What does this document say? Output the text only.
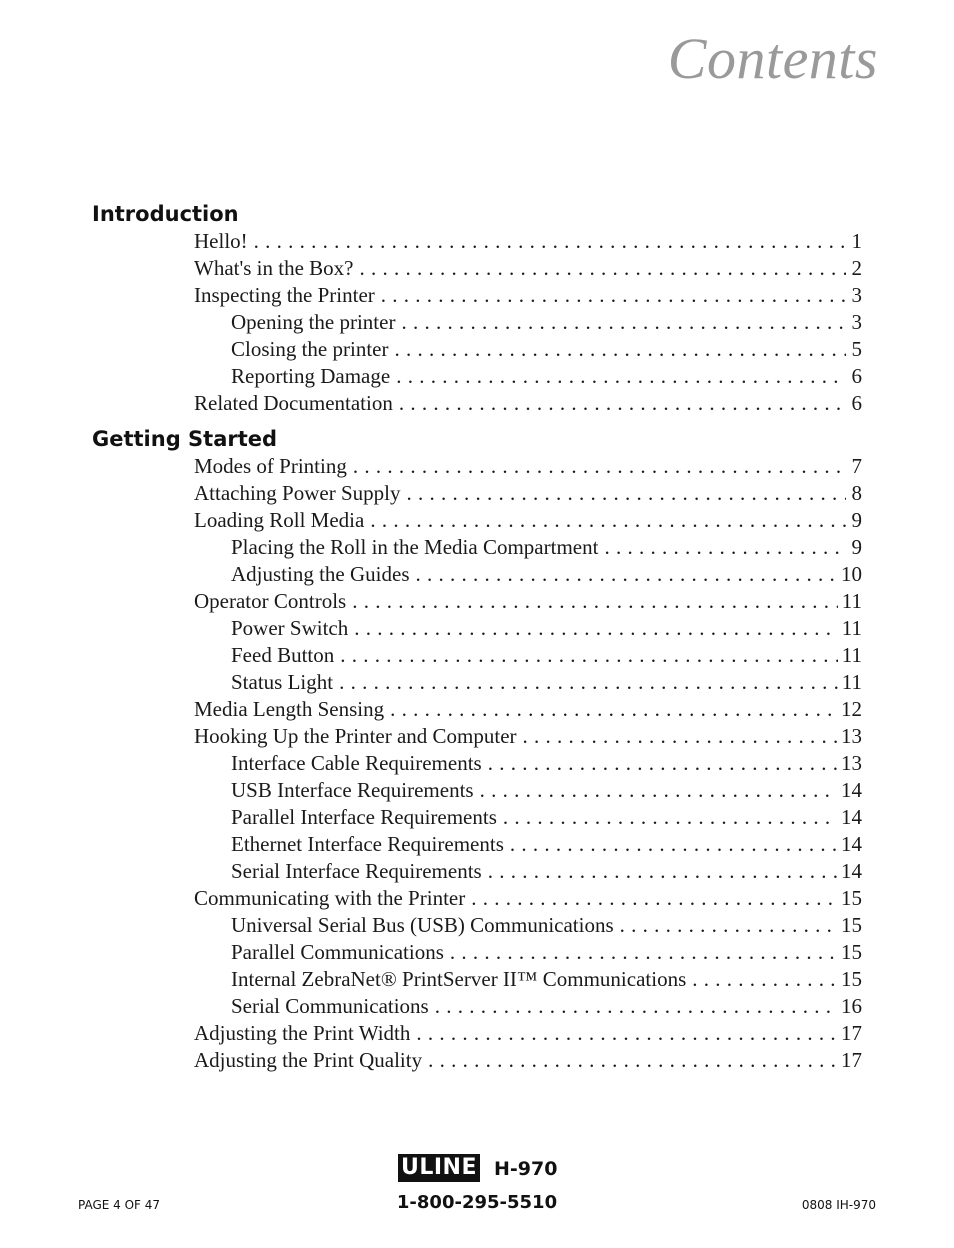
Contents
Introduction
Hello! . . .	1
What's in the Box? . . .	2
Inspecting the Printer . . .	3
Opening the printer . . .	3
Closing the printer . . .	5
Reporting Damage . . .	6
Related Documentation . . .	6
Getting Started
Modes of Printing . . .	7
Attaching Power Supply . . .	8
Loading Roll Media . . .	9
Placing the Roll in the Media Compartment . . .	9
Adjusting the Guides . . .	10
Operator Controls . . .	11
Power Switch . . .	11
Feed Button . . .	11
Status Light . . .	11
Media Length Sensing . . .	12
Hooking Up the Printer and Computer . . .	13
Interface Cable Requirements . . .	13
USB Interface Requirements . . .	14
Parallel Interface Requirements . . .	14
Ethernet Interface Requirements . . .	14
Serial Interface Requirements . . .	14
Communicating with the Printer . . .	15
Universal Serial Bus (USB) Communications . . .	15
Parallel Communications . . .	15
Internal ZebraNet® PrintServer II™ Communications . . .	15
Serial Communications . . .	16
Adjusting the Print Width . . .	17
Adjusting the Print Quality . . .	17
ULINE H-970
1-800-295-5510
PAGE 4 OF 47	0808 IH-970
